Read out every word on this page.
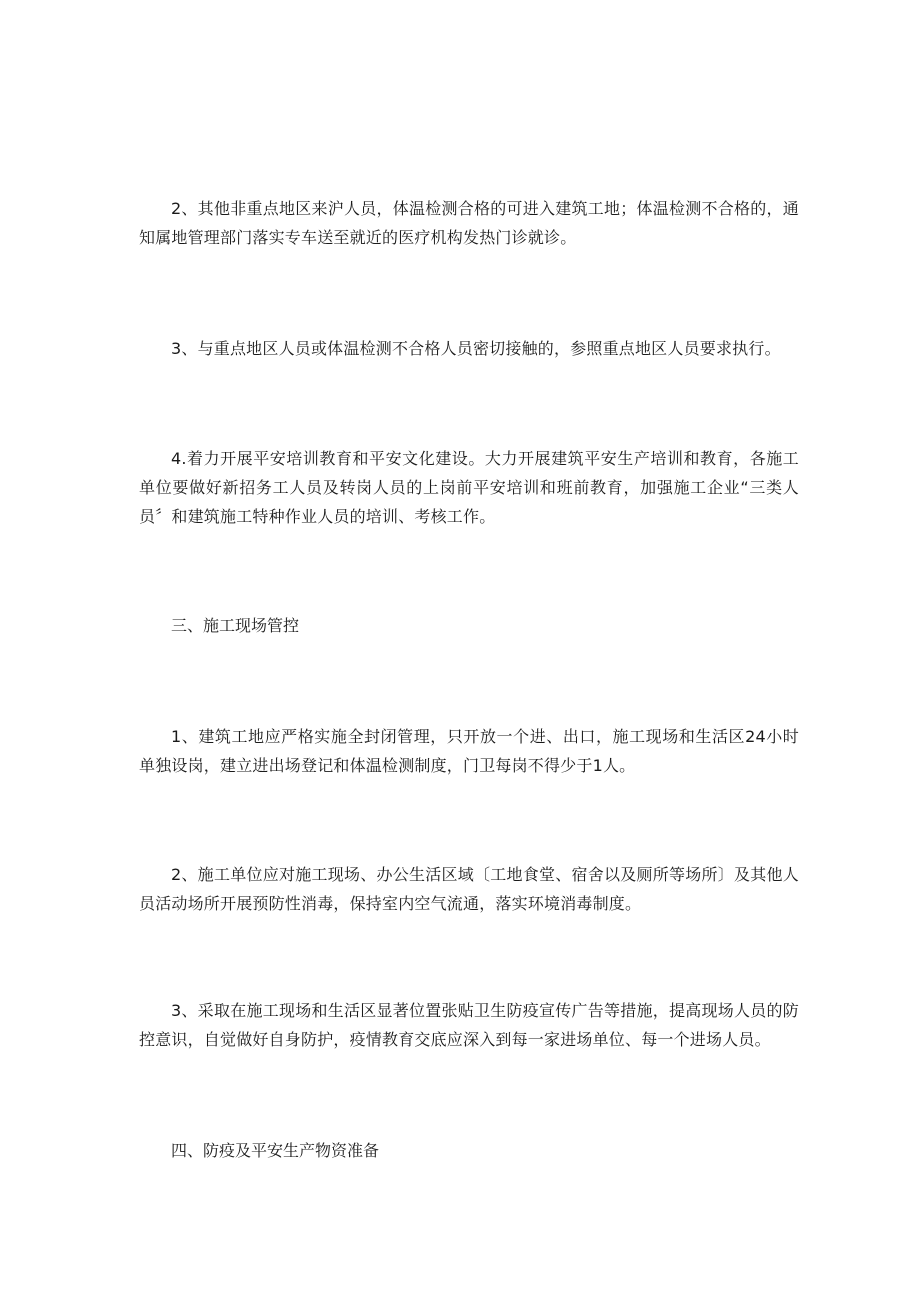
2、其他非重点地区来沪人员，体温检测合格的可进入建筑工地；体温检测不合格的，通知属地管理部门落实专车送至就近的医疗机构发热门诊就诊。

3、与重点地区人员或体温检测不合格人员密切接触的，参照重点地区人员要求执行。

4.着力开展平安培训教育和平安文化建设。大力开展建筑平安生产培训和教育，各施工单位要做好新招务工人员及转岗人员的上岗前平安培训和班前教育，加强施工企业“三类人员〞和建筑施工特种作业人员的培训、考核工作。

三、施工现场管控

1、建筑工地应严格实施全封闭管理，只开放一个进、出口，施工现场和生活区24小时单独设岗，建立进出场登记和体温检测制度，门卫每岗不得少于1人。

2、施工单位应对施工现场、办公生活区域〔工地食堂、宿舍以及厕所等场所〕及其他人员活动场所开展预防性消毒，保持室内空气流通，落实环境消毒制度。

3、采取在施工现场和生活区显著位置张贴卫生防疫宣传广告等措施，提高现场人员的防控意识，自觉做好自身防护，疫情教育交底应深入到每一家进场单位、每一个进场人员。

四、防疫及平安生产物资准备
